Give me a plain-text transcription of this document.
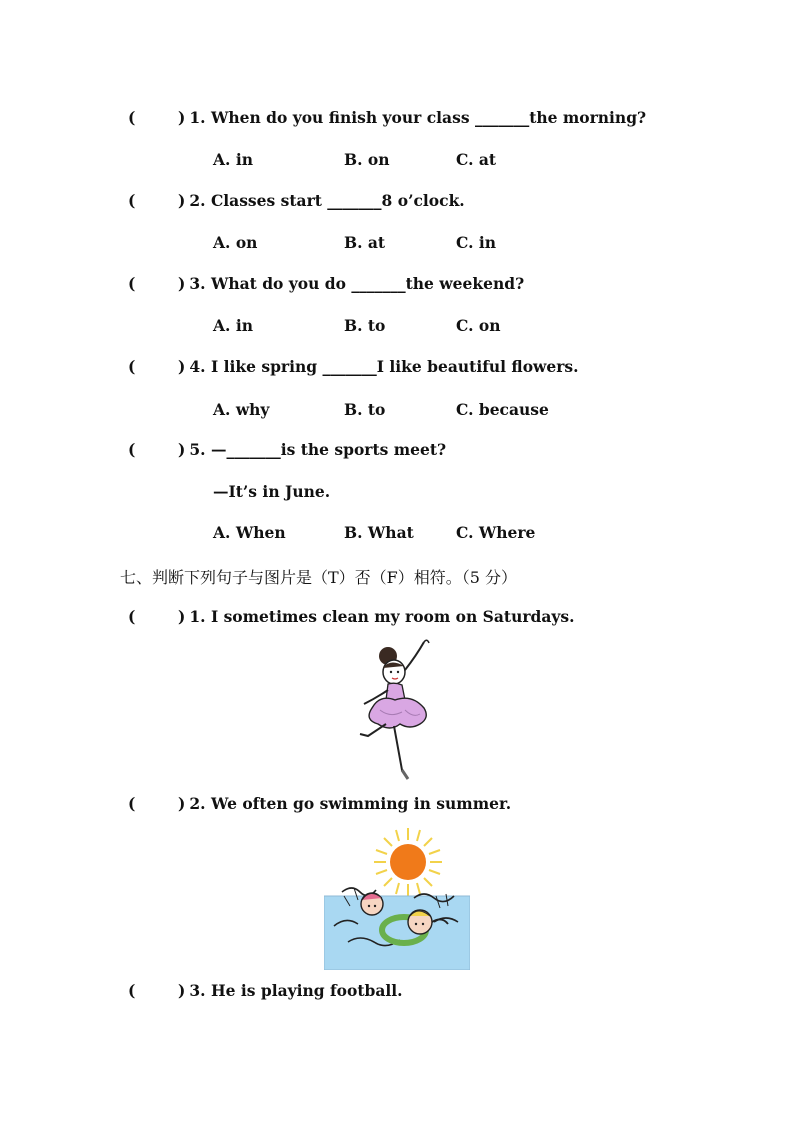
(	) 1. When do you finish your class _______the morning?
A. in	B. on	C. at
(	) 2. Classes start _______8 o’clock.
A. on	B. at	C. in
(	) 3. What do you do _______the weekend?
A. in	B. to	C. on
(	) 4. I like spring _______I like beautiful flowers.
A. why	B. to	C. because
(	) 5. —_______is the sports meet?
—It’s in June.
A. When	B. What	C. Where
七、判断下列句子与图片是（T）否（F）相符。（5 分）
(	) 1. I sometimes clean my room on Saturdays.
(	) 2. We often go swimming in summer.
(	) 3. He is playing football.
